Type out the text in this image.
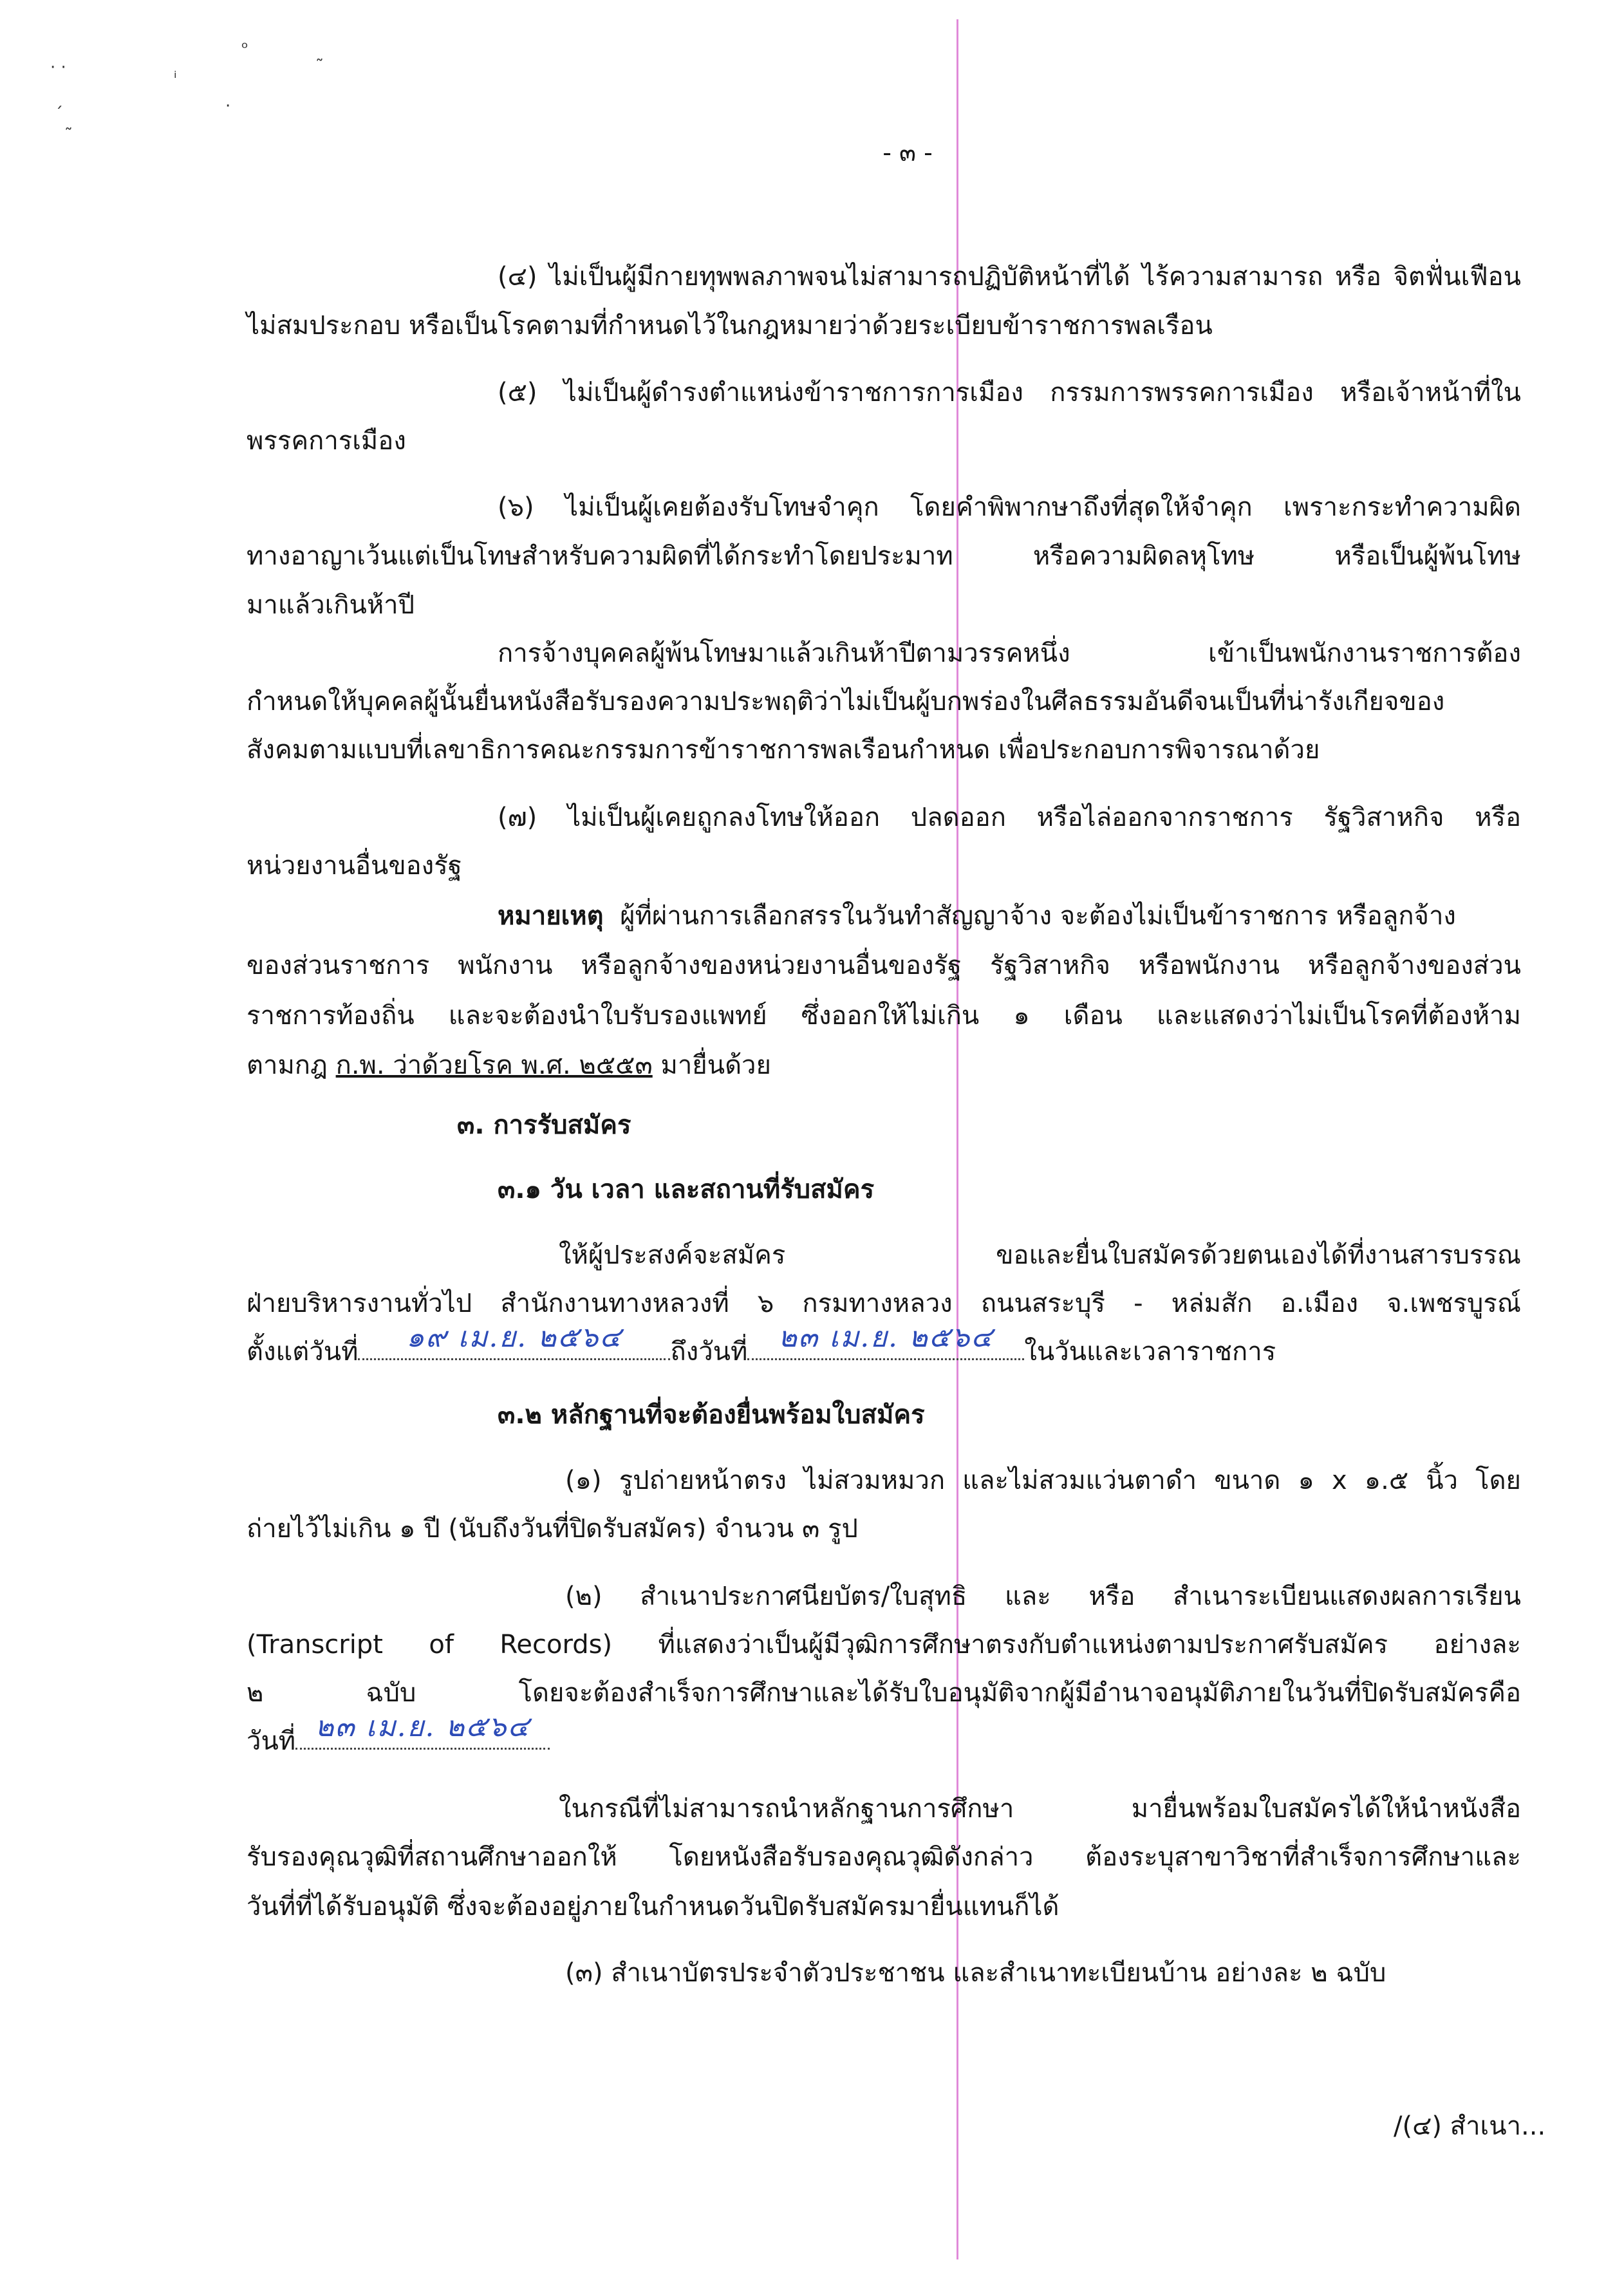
· ·	ᵢ
ᵒ
˜
ˏ	·
˜
- ๓ -
(๔) ไม่เป็นผู้มีกายทุพพลภาพจนไม่สามารถปฏิบัติหน้าที่ได้ ไร้ความสามารถ หรือ จิตฟั่นเฟือน
ไม่สมประกอบ หรือเป็นโรคตามที่กำหนดไว้ในกฎหมายว่าด้วยระเบียบข้าราชการพลเรือน
(๕) ไม่เป็นผู้ดำรงตำแหน่งข้าราชการการเมือง กรรมการพรรคการเมือง หรือเจ้าหน้าที่ใน
พรรคการเมือง
(๖) ไม่เป็นผู้เคยต้องรับโทษจำคุก โดยคำพิพากษาถึงที่สุดให้จำคุก เพราะกระทำความผิด
ทางอาญาเว้นแต่เป็นโทษสำหรับความผิดที่ได้กระทำโดยประมาท หรือความผิดลหุโทษ หรือเป็นผู้พ้นโทษ
มาแล้วเกินห้าปี
การจ้างบุคคลผู้พ้นโทษมาแล้วเกินห้าปีตามวรรคหนึ่ง เข้าเป็นพนักงานราชการต้อง
กำหนดให้บุคคลผู้นั้นยื่นหนังสือรับรองความประพฤติว่าไม่เป็นผู้บกพร่องในศีลธรรมอันดีจนเป็นที่น่ารังเกียจของ
สังคมตามแบบที่เลขาธิการคณะกรรมการข้าราชการพลเรือนกำหนด เพื่อประกอบการพิจารณาด้วย
(๗) ไม่เป็นผู้เคยถูกลงโทษให้ออก ปลดออก หรือไล่ออกจากราชการ รัฐวิสาหกิจ หรือ
หน่วยงานอื่นของรัฐ
หมายเหตุ ผู้ที่ผ่านการเลือกสรรในวันทำสัญญาจ้าง จะต้องไม่เป็นข้าราชการ หรือลูกจ้าง
ของส่วนราชการ พนักงาน หรือลูกจ้างของหน่วยงานอื่นของรัฐ รัฐวิสาหกิจ หรือพนักงาน หรือลูกจ้างของส่วน
ราชการท้องถิ่น และจะต้องนำใบรับรองแพทย์ ซึ่งออกให้ไม่เกิน ๑ เดือน และแสดงว่าไม่เป็นโรคที่ต้องห้าม
ตามกฎ ก.พ. ว่าด้วยโรค พ.ศ. ๒๕๕๓ มายื่นด้วย
๓. การรับสมัคร
๓.๑ วัน เวลา และสถานที่รับสมัคร
ให้ผู้ประสงค์จะสมัคร ขอและยื่นใบสมัครด้วยตนเองได้ที่งานสารบรรณ
ฝ่ายบริหารงานทั่วไป สำนักงานทางหลวงที่ ๖ กรมทางหลวง ถนนสระบุรี - หล่มสัก อ.เมือง จ.เพชรบูรณ์
ตั้งแต่วันที่	๑๙ เม.ย. ๒๕๖๔	ถึงวันที่	๒๓ เม.ย. ๒๕๖๔	ในวันและเวลาราชการ
๓.๒ หลักฐานที่จะต้องยื่นพร้อมใบสมัคร
(๑) รูปถ่ายหน้าตรง ไม่สวมหมวก และไม่สวมแว่นตาดำ ขนาด ๑ x ๑.๕ นิ้ว โดย
ถ่ายไว้ไม่เกิน ๑ ปี (นับถึงวันที่ปิดรับสมัคร) จำนวน ๓ รูป
(๒) สำเนาประกาศนียบัตร/ใบสุทธิ และ หรือ สำเนาระเบียนแสดงผลการเรียน
(Transcript of Records) ที่แสดงว่าเป็นผู้มีวุฒิการศึกษาตรงกับตำแหน่งตามประกาศรับสมัคร อย่างละ
๒ ฉบับ โดยจะต้องสำเร็จการศึกษาและได้รับใบอนุมัติจากผู้มีอำนาจอนุมัติภายในวันที่ปิดรับสมัครคือ
วันที่ ๒๓ เม.ย. ๒๕๖๔
ในกรณีที่ไม่สามารถนำหลักฐานการศึกษา มายื่นพร้อมใบสมัครได้ให้นำหนังสือ
รับรองคุณวุฒิที่สถานศึกษาออกให้ โดยหนังสือรับรองคุณวุฒิดังกล่าว ต้องระบุสาขาวิชาที่สำเร็จการศึกษาและ
วันที่ที่ได้รับอนุมัติ ซึ่งจะต้องอยู่ภายในกำหนดวันปิดรับสมัครมายื่นแทนก็ได้
(๓) สำเนาบัตรประจำตัวประชาชน และสำเนาทะเบียนบ้าน อย่างละ ๒ ฉบับ
/(๔) สำเนา...
